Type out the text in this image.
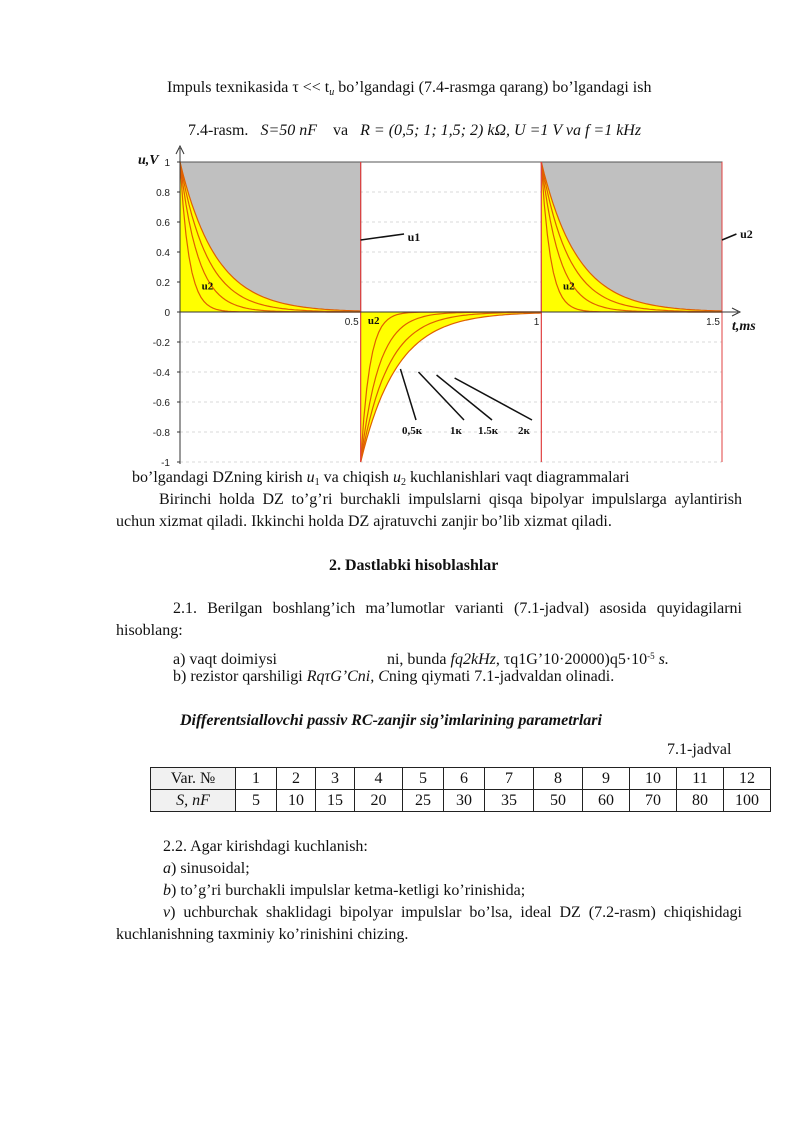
Impuls texnikasida $\tau << t_u$ bo’lgandagi (7.4-rasmga qarang) bo’lgandagi ish
7.4-rasm. S=50 nF va R = (0,5; 1; 1,5; 2) kΩ, U =1 V va f =1 kHz
1
0.8
0.6
0.4
0.2
0
-0.2
-0.4
-0.6
-0.8
-1
0.5	1	1.5
u,V
t,ms
u1	u2
u2	u2
u2
0,5к	1к 1.5к 2к
bo’lgandagi DZning kirish $u_1$ va chiqish $u_2$ kuchlanishlari vaqt diagrammalari
Birinchi holda DZ to’g’ri burchakli impulslarni qisqa bipolyar impulslarga aylantirish uchun xizmat qiladi. Ikkinchi holda DZ ajratuvchi zanjir bo’lib xizmat qiladi.
2. Dastlabki hisoblashlar
2.1. Berilgan boshlang’ich ma’lumotlar varianti (7.1-jadval) asosida quyidagilarni hisoblang:
a) vaqt doimiysi	ni, bunda fq2kHz, $\tau q1G’10\cdot 20000)q5\cdot 10^{-5}$ s.
b) rezistor qarshiligi RqτG’Cni, Cning qiymati 7.1-jadvaldan olinadi.
Differentsiallovchi passiv RC-zanjir sig’imlarining parametrlari
7.1-jadval
Var. №	1	2	3	4	5	6	7	8	9	10	11	12
S, nF	5	10	15	20	25	30	35	50	60	70	80	100
2.2. Agar kirishdagi kuchlanish:
a) sinusoidal;
b) to’g’ri burchakli impulslar ketma-ketligi ko’rinishida;
v) uchburchak shaklidagi bipolyar impulslar bo’lsa, ideal DZ (7.2-rasm) chiqishidagi kuchlanishning taxminiy ko’rinishini chizing.
